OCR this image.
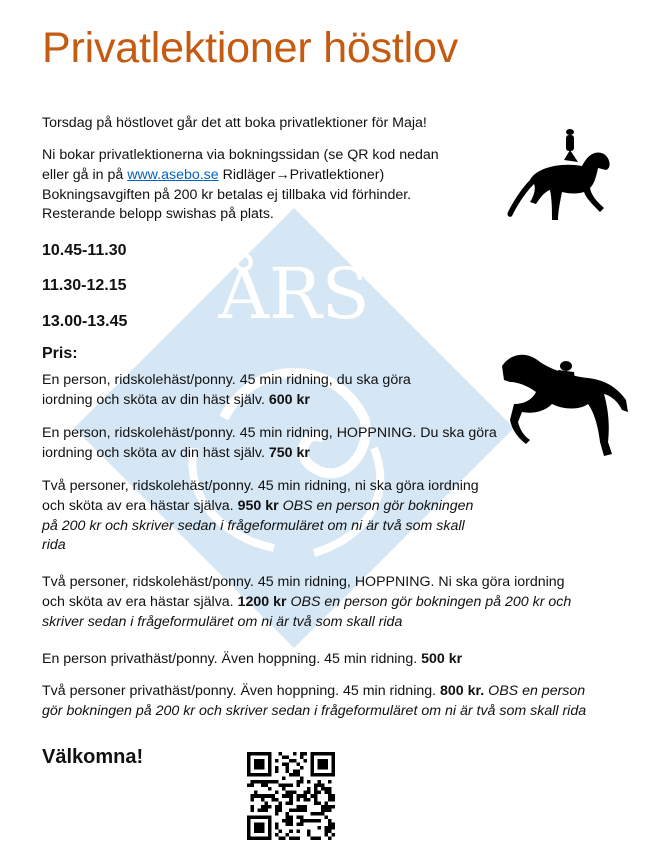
ÅRS
Privatlektioner höstlov

Torsdag på höstlovet går det att boka privatlektioner för Maja!

Ni bokar privatlektionerna via bokningssidan (se QR kod nedan
eller gå in på www.asebo.se Ridläger→Privatlektioner)
Bokningsavgiften på 200 kr betalas ej tillbaka vid förhinder.
Resterande belopp swishas på plats.

10.45-11.30

11.30-12.15

13.00-13.45

Pris:

En person, ridskolehäst/ponny. 45 min ridning, du ska göra iordning och sköta av din häst själv. 600 kr

En person, ridskolehäst/ponny. 45 min ridning, HOPPNING. Du ska göra iordning och sköta av din häst själv. 750 kr

Två personer, ridskolehäst/ponny. 45 min ridning, ni ska göra iordning och sköta av era hästar själva. 950 kr OBS en person gör bokningen på 200 kr och skriver sedan i frågeformuläret om ni är två som skall rida

Två personer, ridskolehäst/ponny. 45 min ridning, HOPPNING. Ni ska göra iordning och sköta av era hästar själva. 1200 kr OBS en person gör bokningen på 200 kr och skriver sedan i frågeformuläret om ni är två som skall rida

En person privathäst/ponny. Även hoppning. 45 min ridning. 500 kr

Två personer privathäst/ponny. Även hoppning. 45 min ridning. 800 kr. OBS en person gör bokningen på 200 kr och skriver sedan i frågeformuläret om ni är två som skall rida

Välkomna!
